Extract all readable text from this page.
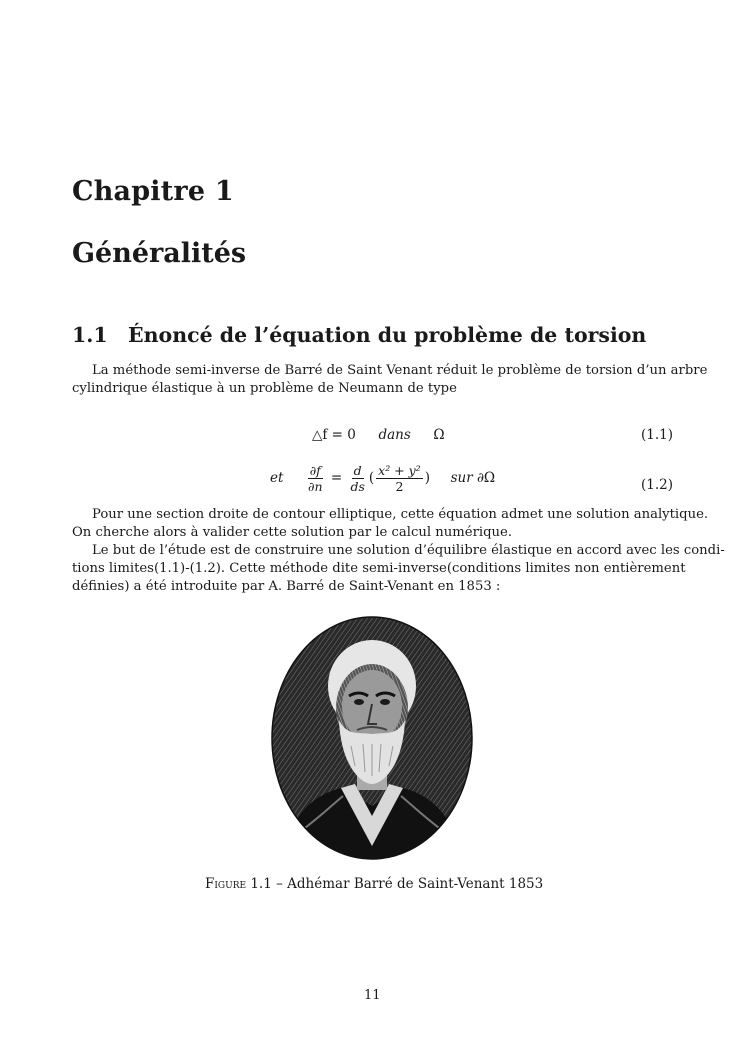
Chapitre 1
Généralités
1.1 Énoncé de l’équation du problème de torsion
La méthode semi-inverse de Barré de Saint Venant réduit le problème de torsion d’un arbre
cylindrique élastique à un problème de Neumann de type
△f = 0 dans Ω	(1.1)
et $\frac{\partial f}{\partial n} = \frac{d}{ds}$ ( $\frac{\text{x² + y²}}{2}$ ) sur ∂Ω	(1.2)
Pour une section droite de contour elliptique, cette équation admet une solution analytique.
On cherche alors à valider cette solution par le calcul numérique.
Le but de l’étude est de construire une solution d’équilibre élastique en accord avec les condi-
tions limites(1.1)-(1.2). Cette méthode dite semi-inverse(conditions limites non entièrement
définies) a été introduite par A. Barré de Saint-Venant en 1853 :
Figure 1.1 – Adhémar Barré de Saint-Venant 1853
11
